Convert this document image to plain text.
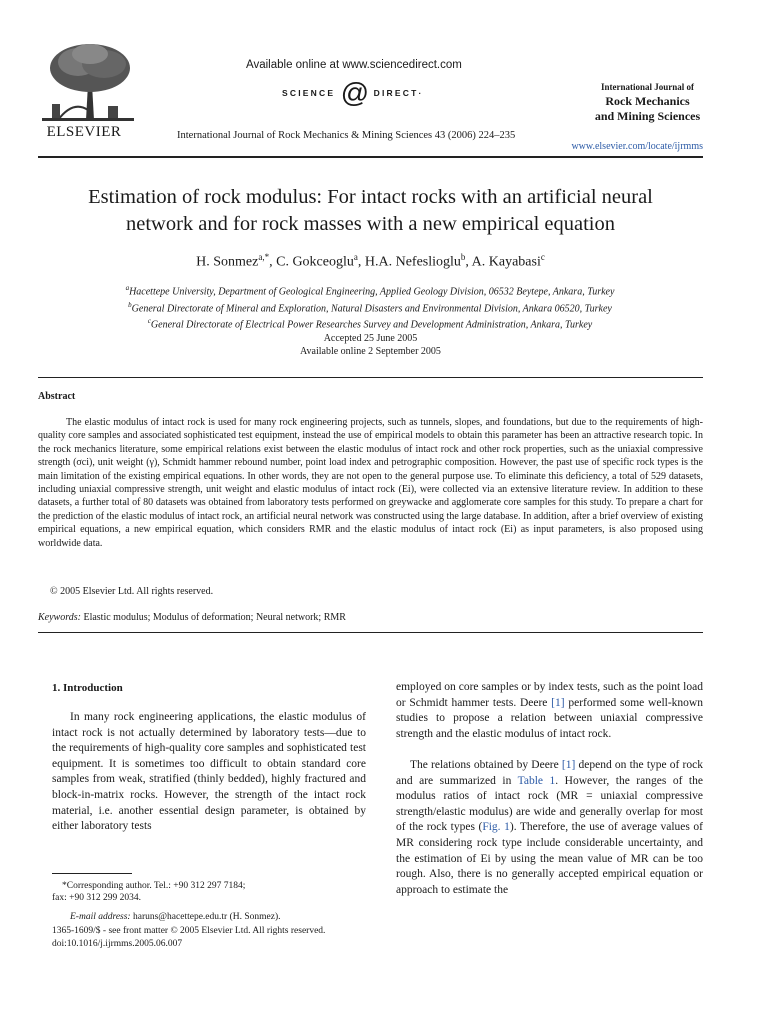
ELSEVIER
Available online at www.sciencedirect.com
SCIENCE @ DIRECT·
International Journal of Rock Mechanics & Mining Sciences 43 (2006) 224–235
International Journal of
Rock Mechanics
and Mining Sciences
www.elsevier.com/locate/ijrmms
Estimation of rock modulus: For intact rocks with an artificial neural
network and for rock masses with a new empirical equation
H. Sonmez$^{a,*}$, C. Gokceoglu$^a$, H.A. Nefeslioglu$^b$, A. Kayabasi$^c$
$^a$Hacettepe University, Department of Geological Engineering, Applied Geology Division, 06532 Beytepe, Ankara, Turkey
$^b$General Directorate of Mineral and Exploration, Natural Disasters and Environmental Division, Ankara 06520, Turkey
$^c$General Directorate of Electrical Power Researches Survey and Development Administration, Ankara, Turkey
Accepted 25 June 2005
Available online 2 September 2005
Abstract
The elastic modulus of intact rock is used for many rock engineering projects, such as tunnels, slopes, and foundations, but due to the requirements of high-quality core samples and associated sophisticated test equipment, instead the use of empirical models to obtain this parameter has been an attractive research topic. In the rock mechanics literature, some empirical relations exist between the elastic modulus of intact rock and other rock properties, such as the uniaxial compressive strength (σci), unit weight (γ), Schmidt hammer rebound number, point load index and petrographic composition. However, the past use of specific rock types is the main limitation of the existing empirical equations. In other words, they are not open to the general purpose use. To eliminate this deficiency, a total of 529 datasets, including uniaxial compressive strength, unit weight and elastic modulus of intact rock (Ei), were collected via an extensive literature review. In addition to these datasets, a further total of 80 datasets was obtained from laboratory tests performed on greywacke and agglomerate core samples for this study. To prepare a chart for the prediction of the elastic modulus of intact rock, an artificial neural network was constructed using the large database. In addition, after a brief overview of existing empirical equations, a new empirical equation, which considers RMR and the elastic modulus of intact rock (Ei) as input parameters, is also proposed using worldwide data.
© 2005 Elsevier Ltd. All rights reserved.
Keywords: Elastic modulus; Modulus of deformation; Neural network; RMR
1. Introduction
In many rock engineering applications, the elastic modulus of intact rock is not actually determined by laboratory tests—due to the requirements of high-quality core samples and sophisticated test equipment. It is sometimes too difficult to obtain standard core samples from weak, stratified (thinly bedded), highly fractured and block-in-matrix rocks. However, the strength of the intact rock material, i.e. another essential design parameter, is obtained by either laboratory tests
employed on core samples or by index tests, such as the point load or Schmidt hammer tests. Deere [1] performed some well-known studies to propose a relation between uniaxial compressive strength and the elastic modulus of intact rock.
The relations obtained by Deere [1] depend on the type of rock and are summarized in Table 1. However, the ranges of the modulus ratios of intact rock (MR = uniaxial compressive strength/elastic modulus) are wide and generally overlap for most of the rock types (Fig. 1). Therefore, the use of average values of MR considering rock type include considerable uncertainty, and the estimation of Ei by using the mean value of MR can be too rough. Also, there is no generally accepted empirical equation or approach to estimate the
*Corresponding author. Tel.: +90 312 297 7184;
fax: +90 312 299 2034.
E-mail address: haruns@hacettepe.edu.tr (H. Sonmez).
1365-1609/$ - see front matter © 2005 Elsevier Ltd. All rights reserved.
doi:10.1016/j.ijrmms.2005.06.007
